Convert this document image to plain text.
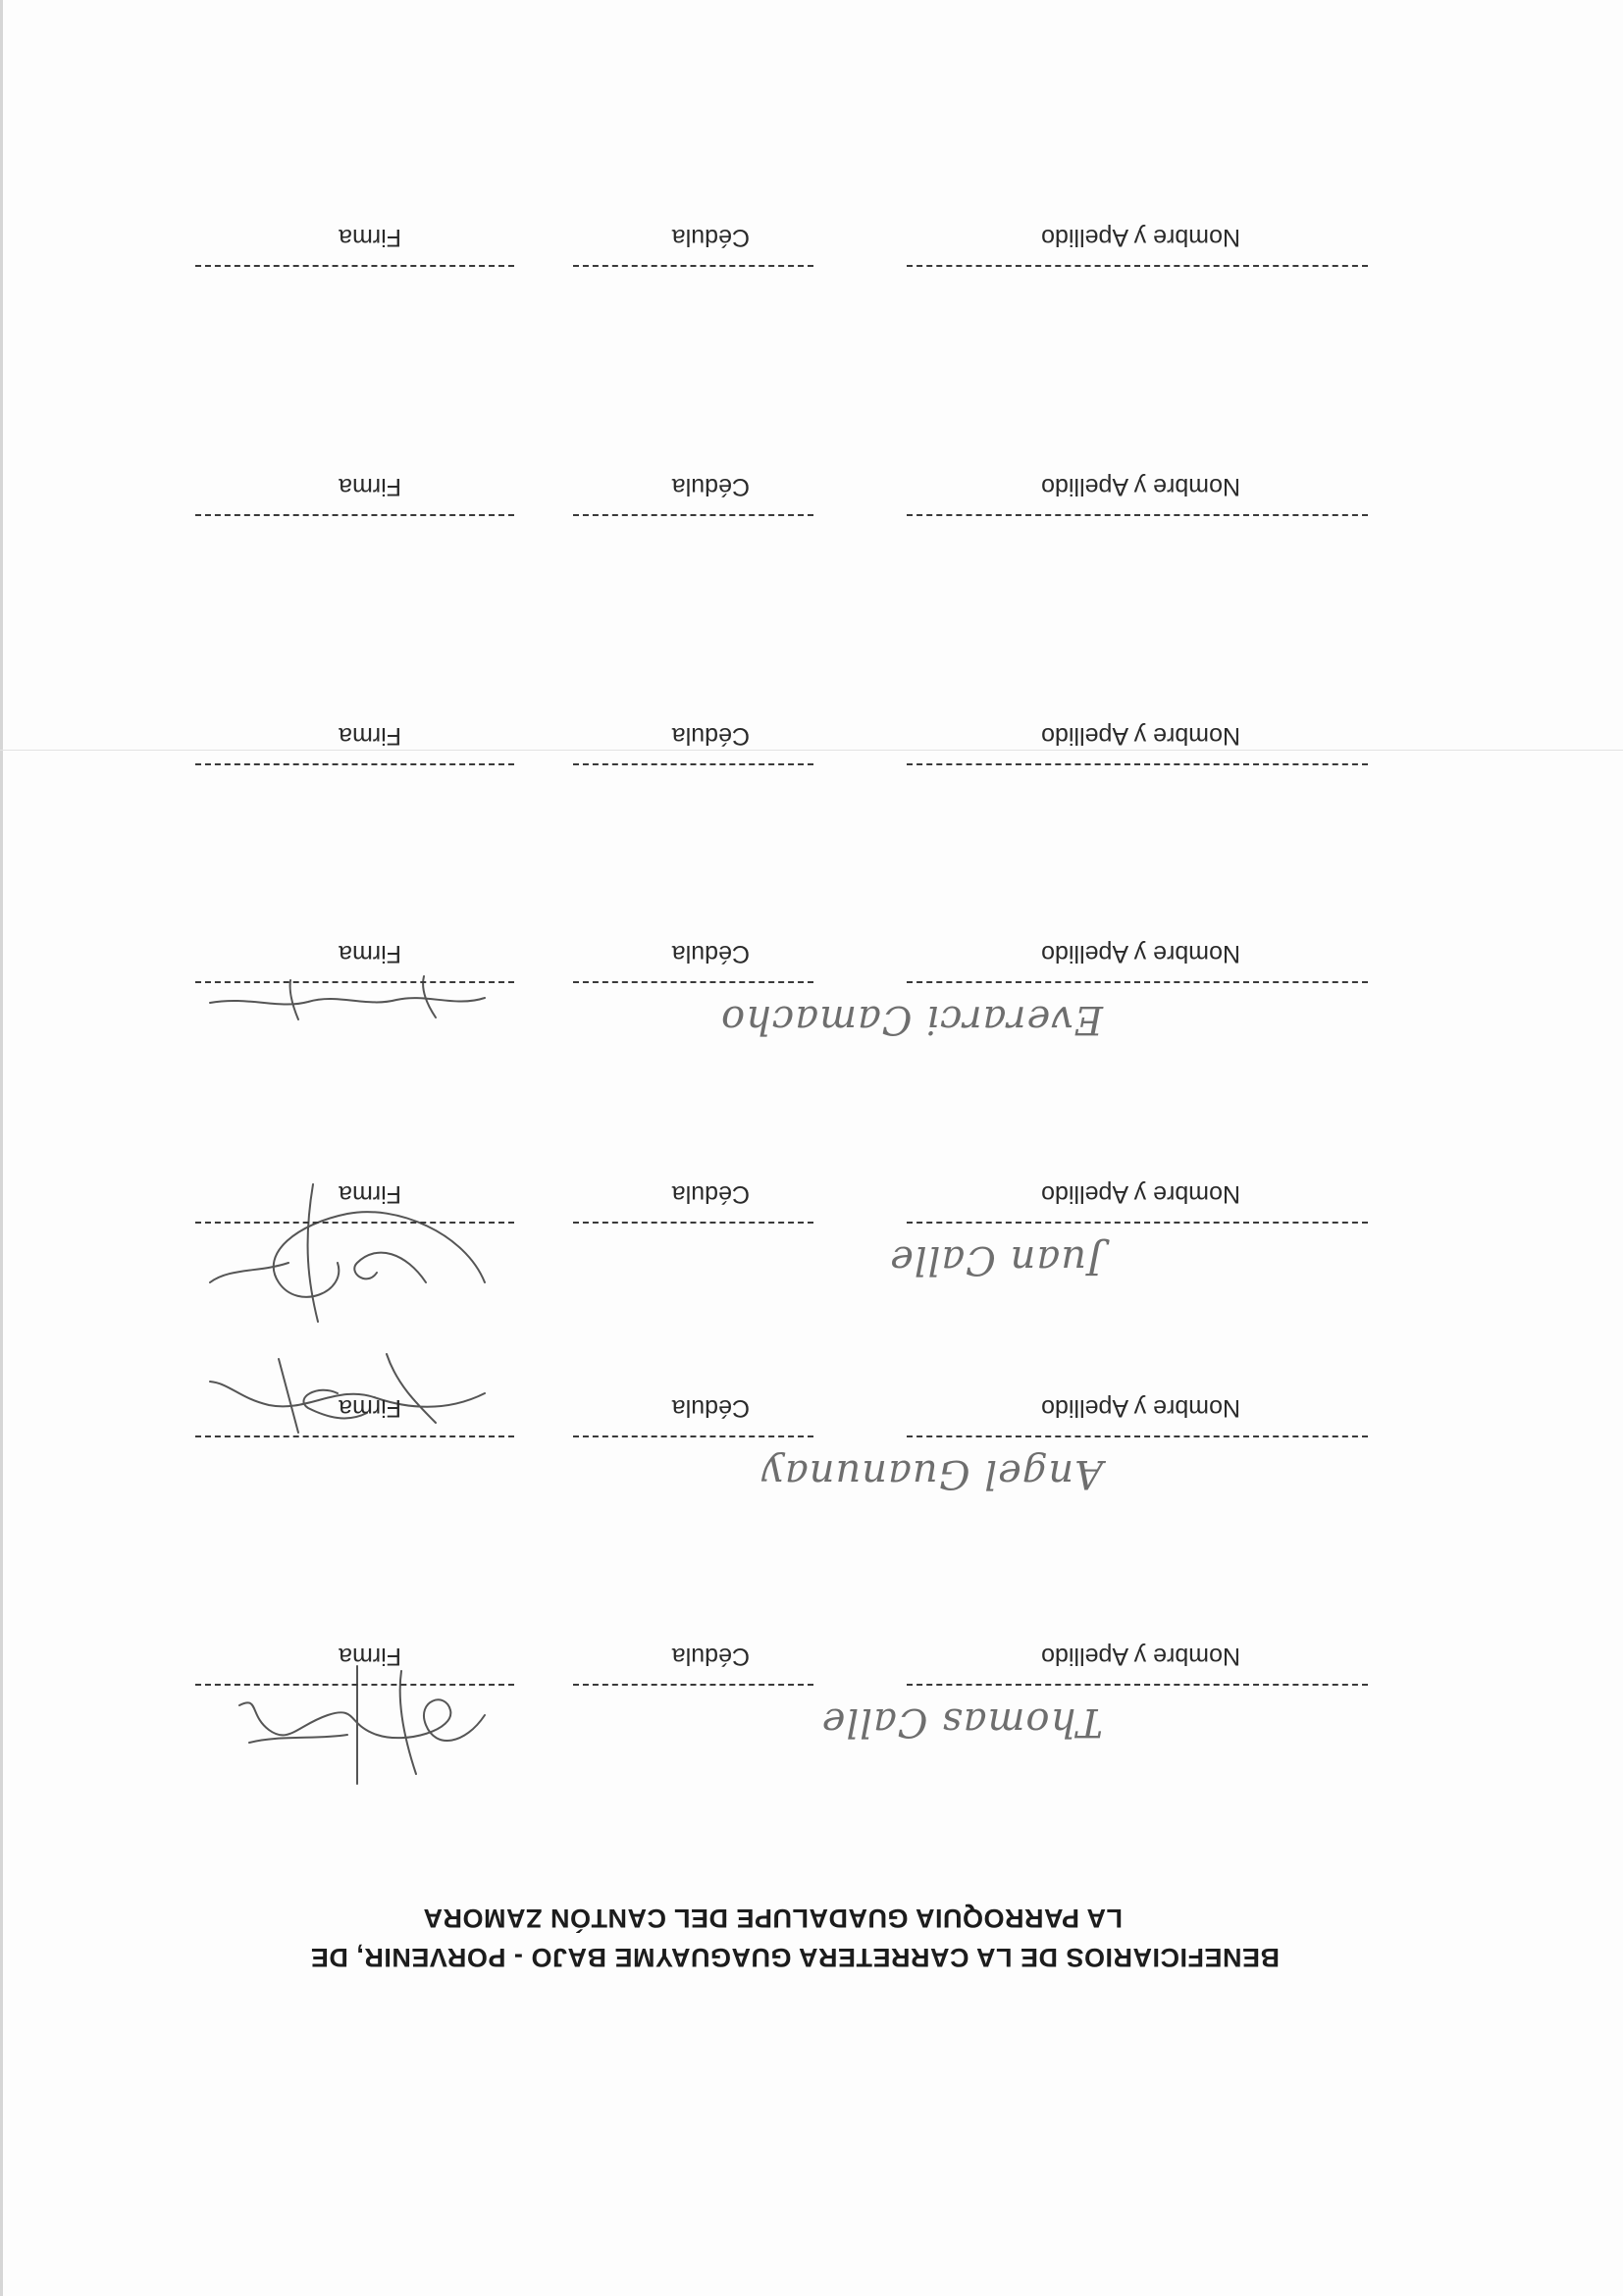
BENEFICIARIOS DE LA CARRETERA GUAGUAYME BAJO - PORVENIR, DE
LA PARROQUIA GUADALUPE DEL CANTÓN ZAMORA
Thomas Calle
Nombre y Apellido
Cédula
Firma
Angel Guanunay
Nombre y Apellido
Cédula
Firma
Juan Calle
Nombre y Apellido
Cédula
Firma
Everarci Camacho
Nombre y Apellido
Cédula
Firma
Nombre y Apellido
Cédula
Firma
Nombre y Apellido
Cédula
Firma
Nombre y Apellido
Cédula
Firma
